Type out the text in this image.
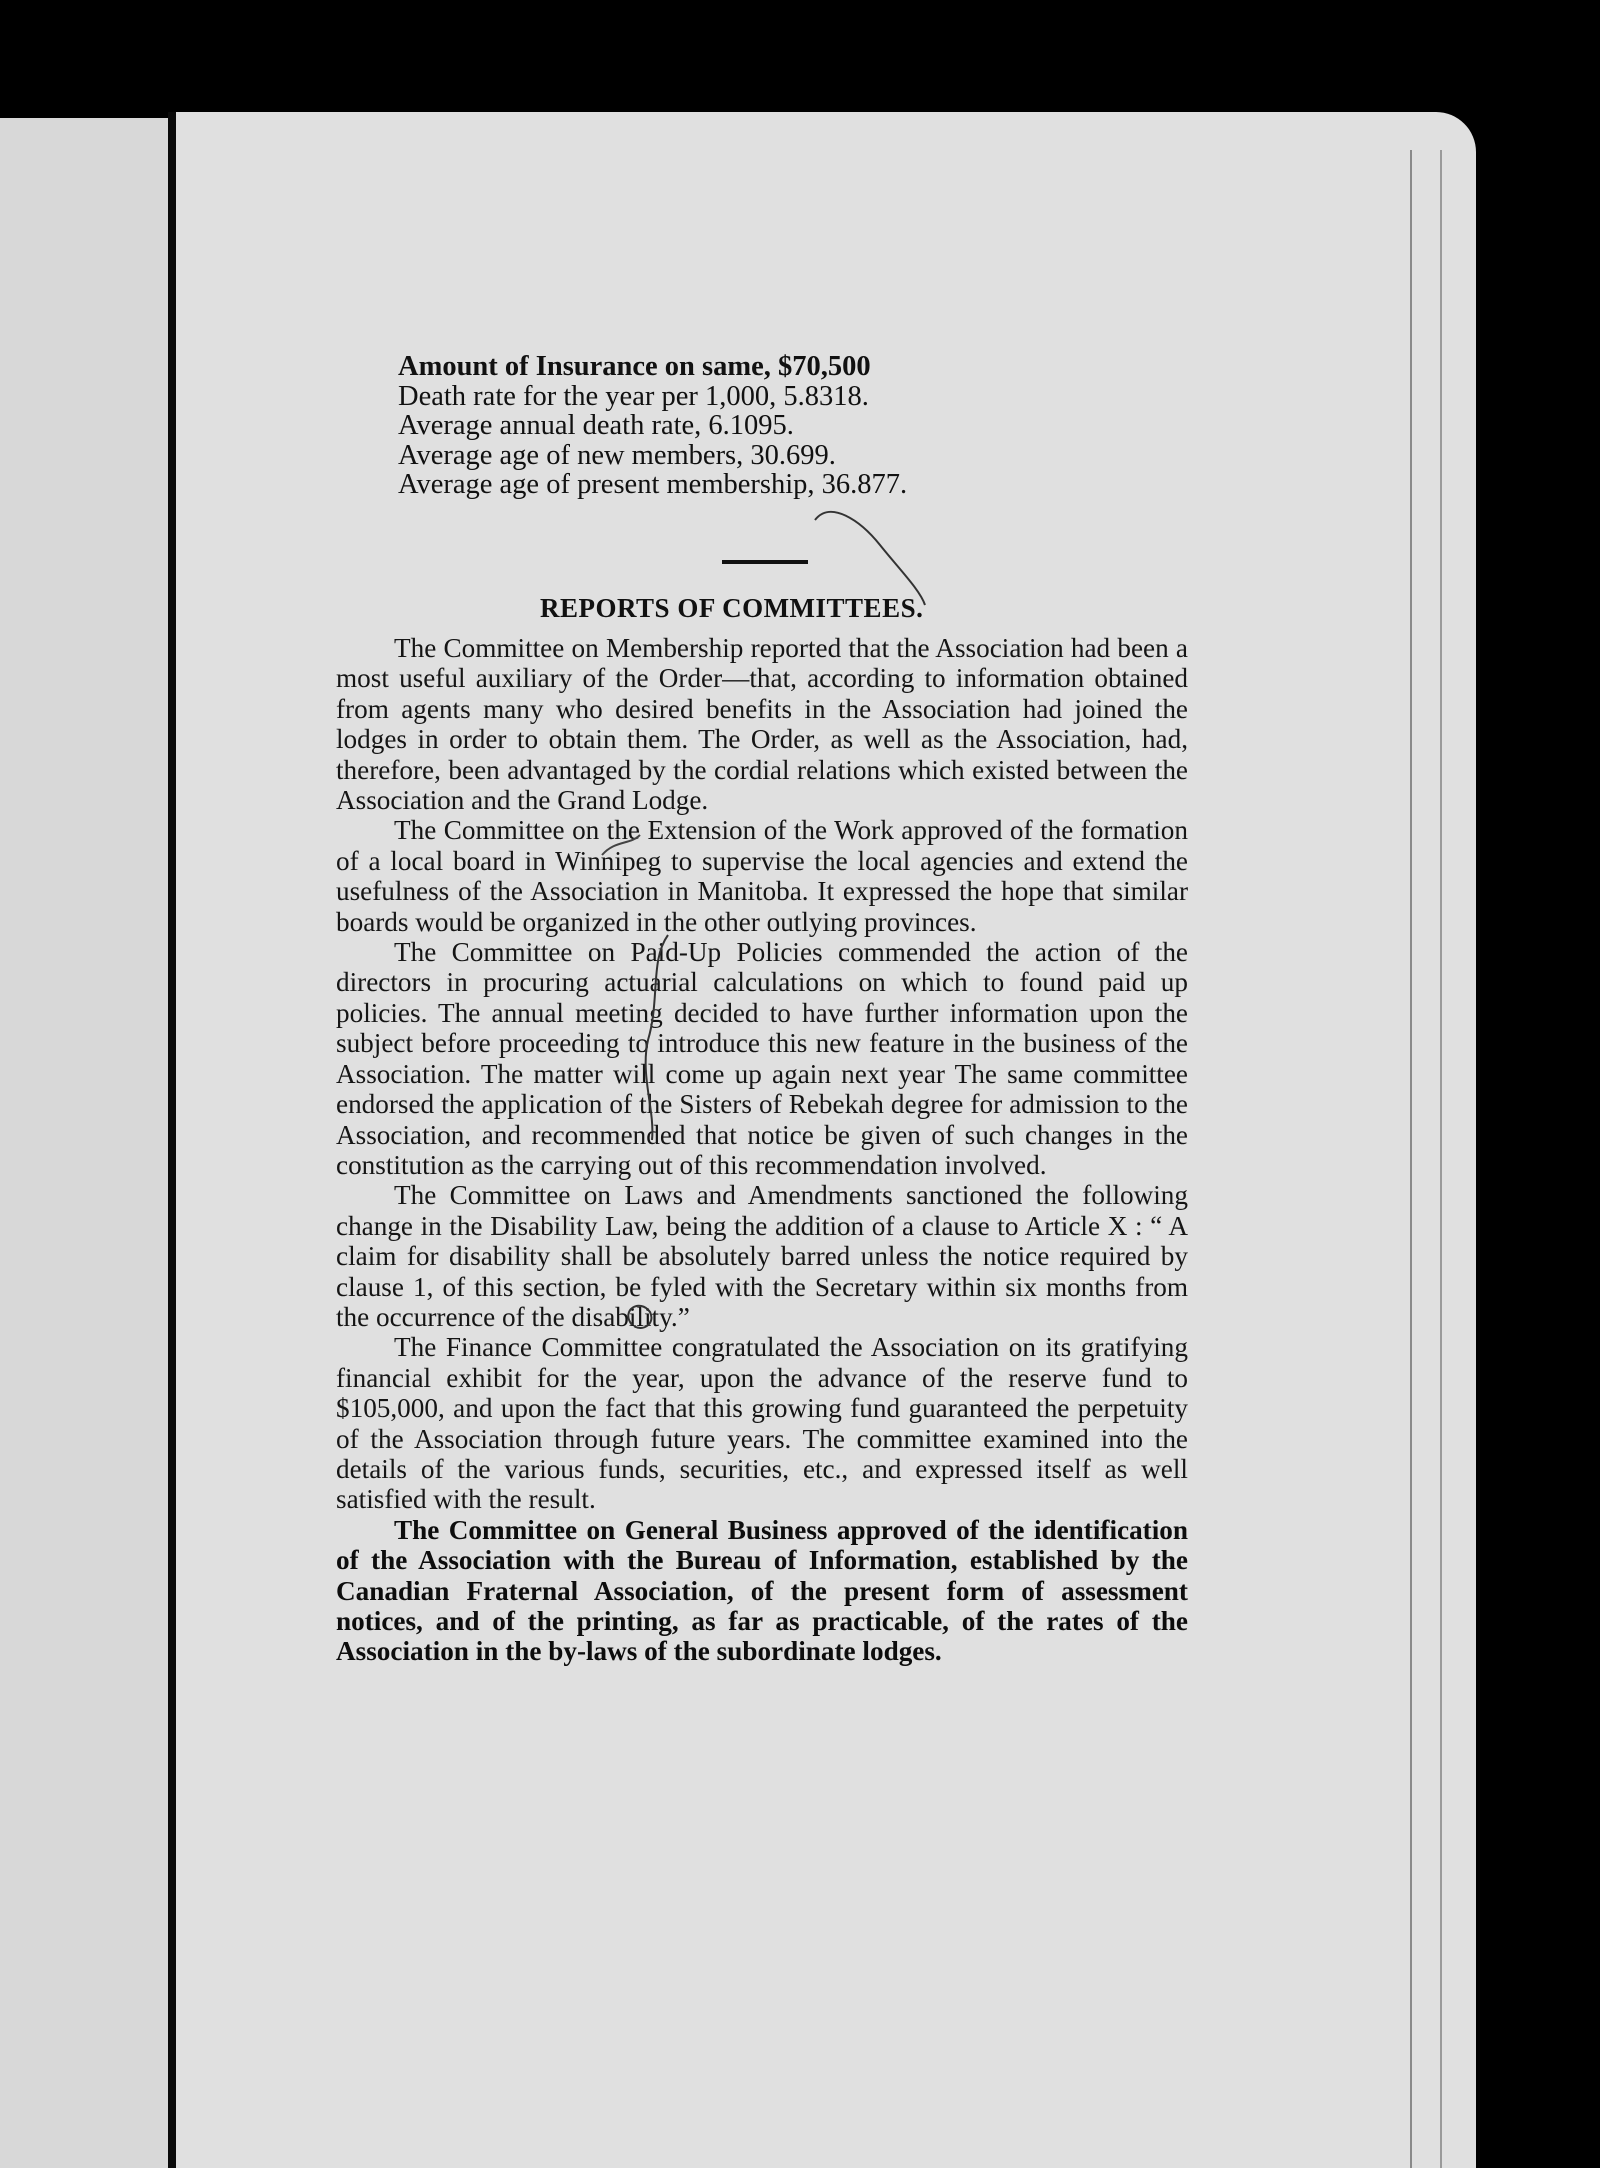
Amount of Insurance on same, $70,500
Death rate for the year per 1,000, 5.8318.
Average annual death rate, 6.1095.
Average age of new members, 30.699.
Average age of present membership, 36.877.
REPORTS OF COMMITTEES.

The Committee on Membership reported that the Association had been a most useful auxiliary of the Order—that, according to information obtained from agents many who desired benefits in the Association had joined the lodges in order to obtain them. The Order, as well as the Association, had, therefore, been advantaged by the cordial relations which existed between the Association and the Grand Lodge.

The Committee on the Extension of the Work approved of the formation of a local board in Winnipeg to supervise the local agencies and extend the usefulness of the Association in Manitoba. It expressed the hope that similar boards would be organized in the other outlying provinces.

The Committee on Paid-Up Policies commended the action of the directors in procuring actuarial calculations on which to found paid up policies. The annual meeting decided to have further information upon the subject before proceeding to introduce this new feature in the business of the Association. The matter will come up again next year The same committee endorsed the application of the Sisters of Rebekah degree for admission to the Association, and recommended that notice be given of such changes in the constitution as the carrying out of this recommendation involved.

The Committee on Laws and Amendments sanctioned the following change in the Disability Law, being the addition of a clause to Article X : “ A claim for disability shall be absolutely barred unless the notice required by clause 1, of this section, be fyled with the Secretary within six months from the occurrence of the disability.”

The Finance Committee congratulated the Association on its gratifying financial exhibit for the year, upon the advance of the reserve fund to $105,000, and upon the fact that this growing fund guaranteed the perpetuity of the Association through future years. The committee examined into the details of the various funds, securities, etc., and expressed itself as well satisfied with the result.

The Committee on General Business approved of the identification of the Association with the Bureau of Information, established by the Canadian Fraternal Association, of the present form of assessment notices, and of the printing, as far as practicable, of the rates of the Association in the by-laws of the subordinate lodges.
